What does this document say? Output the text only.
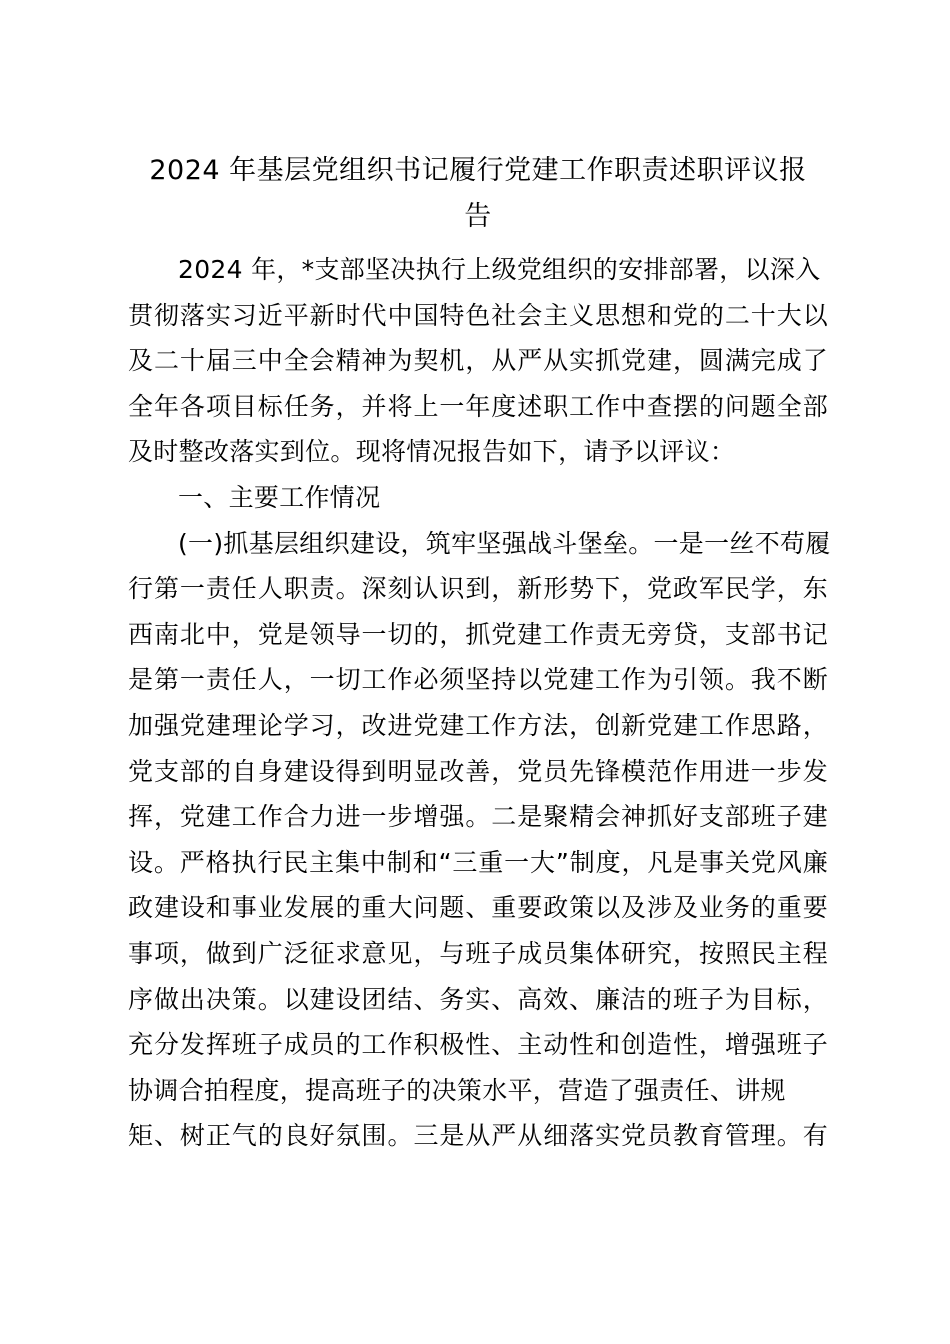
2024 年基层党组织书记履行党建工作职责述职评议报
告
2024 年，*支部坚决执行上级党组织的安排部署，以深入
贯彻落实习近平新时代中国特色社会主义思想和党的二十大以
及二十届三中全会精神为契机，从严从实抓党建，圆满完成了
全年各项目标任务，并将上一年度述职工作中查摆的问题全部
及时整改落实到位。现将情况报告如下，请予以评议：
一、主要工作情况
(一)抓基层组织建设，筑牢坚强战斗堡垒。一是一丝不苟履
行第一责任人职责。深刻认识到，新形势下，党政军民学，东
西南北中，党是领导一切的，抓党建工作责无旁贷，支部书记
是第一责任人，一切工作必须坚持以党建工作为引领。我不断
加强党建理论学习，改进党建工作方法，创新党建工作思路，
党支部的自身建设得到明显改善，党员先锋模范作用进一步发
挥，党建工作合力进一步增强。二是聚精会神抓好支部班子建
设。严格执行民主集中制和“三重一大”制度，凡是事关党风廉
政建设和事业发展的重大问题、重要政策以及涉及业务的重要
事项，做到广泛征求意见，与班子成员集体研究，按照民主程
序做出决策。以建设团结、务实、高效、廉洁的班子为目标，
充分发挥班子成员的工作积极性、主动性和创造性，增强班子
协调合拍程度，提高班子的决策水平，营造了强责任、讲规
矩、树正气的良好氛围。三是从严从细落实党员教育管理。有
